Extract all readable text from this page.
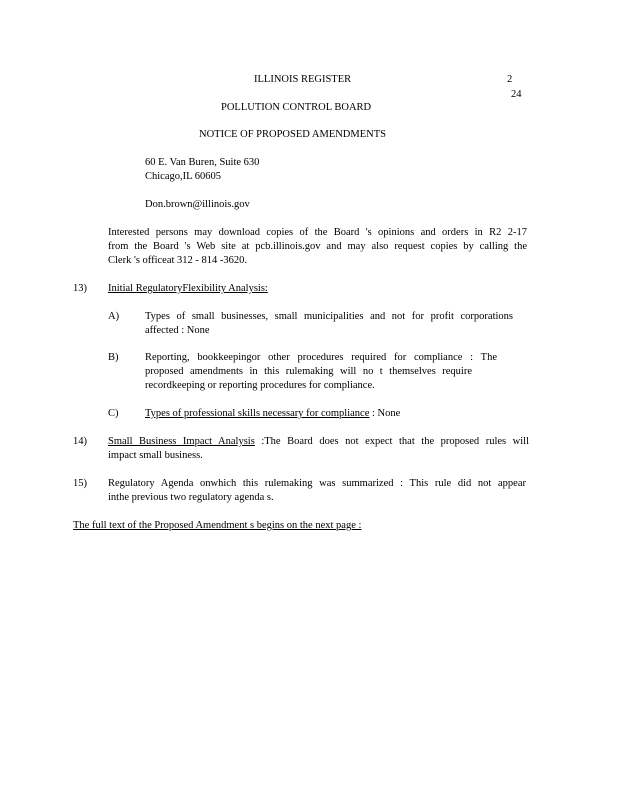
ILLINOIS REGISTER	2
24
POLLUTION CONTROL BOARD
NOTICE OF PROPOSED AMENDMENTS
60 E. Van Buren, Suite 630
Chicago,IL 60605
Don.brown@illinois.gov
Interested persons may download copies of the Board 's opinions and orders in R2 2-17
from the Board 's Web site at pcb.illinois.gov and may also request copies by calling the
Clerk 's officeat 312 - 814 -3620.
13) Initial RegulatoryFlexibility Analysis:
A) Types of small businesses, small municipalities and not for profit corporations
affected : None
B)	Reporting, bookkeepingor other procedures required for compliance : The
proposed amendments in this rulemaking will no t themselves require
recordkeeping or reporting procedures for compliance.
C)	Types of professional skills necessary for compliance : None
14) Small Business Impact Analysis :The Board does not expect that the proposed rules will
impact small business.
15) Regulatory Agenda onwhich this rulemaking was summarized : This rule did not appear
inthe previous two regulatory agenda s.
The full text of the Proposed Amendment s begins on the next page :
